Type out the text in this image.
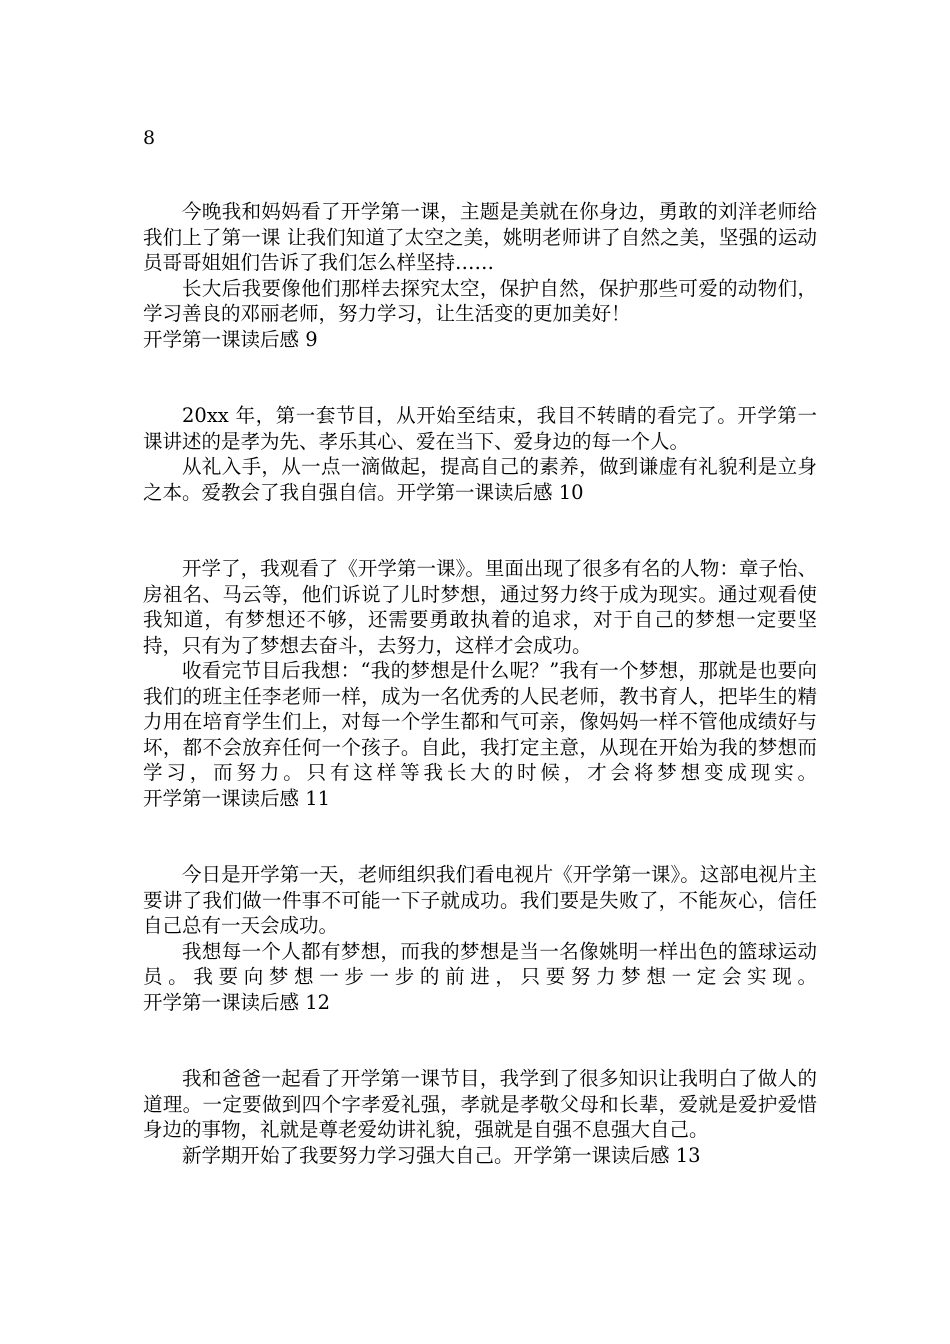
8

今晚我和妈妈看了开学第一课，主题是美就在你身边，勇敢的刘洋老师给我们上了第一课 让我们知道了太空之美，姚明老师讲了自然之美，坚强的运动员哥哥姐姐们告诉了我们怎么样坚持……

长大后我要像他们那样去探究太空，保护自然，保护那些可爱的动物们，学习善良的邓丽老师，努力学习，让生活变的更加美好！

开学第一课读后感 9

20xx 年，第一套节目，从开始至结束，我目不转睛的看完了。开学第一课讲述的是孝为先、孝乐其心、爱在当下、爱身边的每一个人。

从礼入手，从一点一滴做起，提高自己的素养，做到谦虚有礼貌利是立身之本。爱教会了我自强自信。开学第一课读后感 10

开学了，我观看了《开学第一课》。里面出现了很多有名的人物：章子怡、房祖名、马云等，他们诉说了儿时梦想，通过努力终于成为现实。通过观看使我知道，有梦想还不够，还需要勇敢执着的追求，对于自己的梦想一定要坚持，只有为了梦想去奋斗，去努力，这样才会成功。

收看完节目后我想：“我的梦想是什么呢？”我有一个梦想，那就是也要向我们的班主任李老师一样，成为一名优秀的人民老师，教书育人，把毕生的精力用在培育学生们上，对每一个学生都和气可亲，像妈妈一样不管他成绩好与坏，都不会放弃任何一个孩子。自此，我打定主意，从现在开始为我的梦想而学习，而努力。只有这样等我长大的时候，才会将梦想变成现实。开学第一课读后感 11

今日是开学第一天，老师组织我们看电视片《开学第一课》。这部电视片主要讲了我们做一件事不可能一下子就成功。我们要是失败了，不能灰心，信任自己总有一天会成功。

我想每一个人都有梦想，而我的梦想是当一名像姚明一样出色的篮球运动员。我要向梦想一步一步的前进，只要努力梦想一定会实现。开学第一课读后感 12

我和爸爸一起看了开学第一课节目，我学到了很多知识让我明白了做人的道理。一定要做到四个字孝爱礼强，孝就是孝敬父母和长辈，爱就是爱护爱惜身边的事物，礼就是尊老爱幼讲礼貌，强就是自强不息强大自己。

新学期开始了我要努力学习强大自己。开学第一课读后感 13
